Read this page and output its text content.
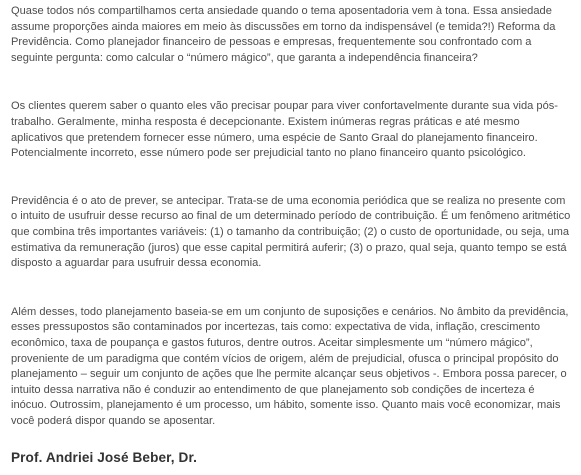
Quase todos nós compartilhamos certa ansiedade quando o tema aposentadoria vem à tona. Essa ansiedade assume proporções ainda maiores em meio às discussões em torno da indispensável (e temida?!) Reforma da Previdência. Como planejador financeiro de pessoas e empresas, frequentemente sou confrontado com a seguinte pergunta: como calcular o “número mágico”, que garanta a independência financeira?

Os clientes querem saber o quanto eles vão precisar poupar para viver confortavelmente durante sua vida pós-trabalho. Geralmente, minha resposta é decepcionante. Existem inúmeras regras práticas e até mesmo aplicativos que pretendem fornecer esse número, uma espécie de Santo Graal do planejamento financeiro. Potencialmente incorreto, esse número pode ser prejudicial tanto no plano financeiro quanto psicológico.

Previdência é o ato de prever, se antecipar. Trata-se de uma economia periódica que se realiza no presente com o intuito de usufruir desse recurso ao final de um determinado período de contribuição. É um fenômeno aritmético que combina três importantes variáveis: (1) o tamanho da contribuição; (2) o custo de oportunidade, ou seja, uma estimativa da remuneração (juros) que esse capital permitirá auferir; (3) o prazo, qual seja, quanto tempo se está disposto a aguardar para usufruir dessa economia.

Além desses, todo planejamento baseia-se em um conjunto de suposições e cenários. No âmbito da previdência, esses pressupostos são contaminados por incertezas, tais como: expectativa de vida, inflação, crescimento econômico, taxa de poupança e gastos futuros, dentre outros. Aceitar simplesmente um “número mágico”, proveniente de um paradigma que contém vícios de origem, além de prejudicial, ofusca o principal propósito do planejamento – seguir um conjunto de ações que lhe permite alcançar seus objetivos -. Embora possa parecer, o intuito dessa narrativa não é conduzir ao entendimento de que planejamento sob condições de incerteza é inócuo. Outrossim, planejamento é um processo, um hábito, somente isso. Quanto mais você economizar, mais você poderá dispor quando se aposentar.

Prof. Andriei José Beber, Dr.
